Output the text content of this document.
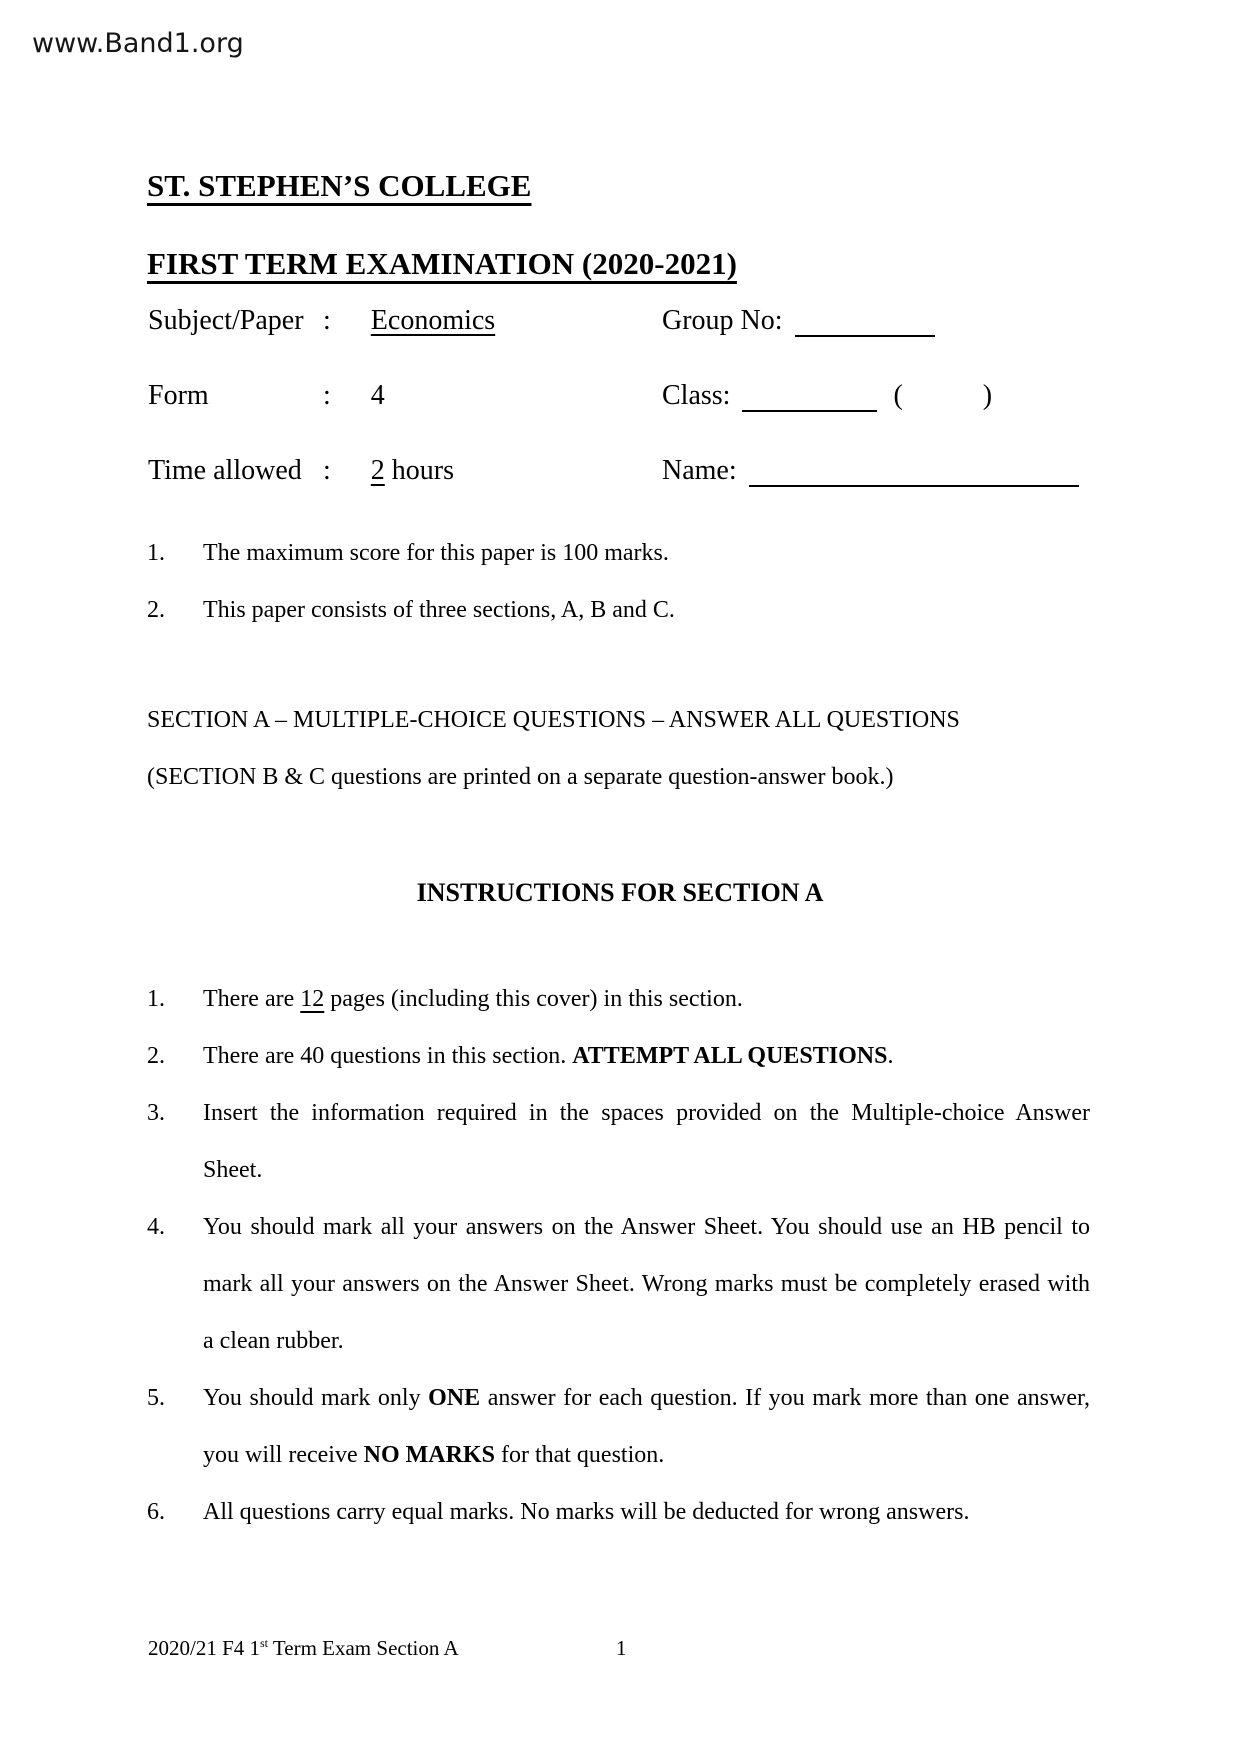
www.Band1.org
ST. STEPHEN’S COLLEGE
FIRST TERM EXAMINATION (2020-2021)
Subject/Paper : Economics	Group No:
Form	: 4	Class:	(	)
Time allowed : 2 hours	Name:
1. The maximum score for this paper is 100 marks.
2. This paper consists of three sections, A, B and C.
SECTION A – MULTIPLE-CHOICE QUESTIONS – ANSWER ALL QUESTIONS
(SECTION B & C questions are printed on a separate question-answer book.)
INSTRUCTIONS FOR SECTION A
1. There are 12 pages (including this cover) in this section.
2. There are 40 questions in this section. ATTEMPT ALL QUESTIONS.
3. Insert the information required in the spaces provided on the Multiple-choice Answer
Sheet.
4. You should mark all your answers on the Answer Sheet. You should use an HB pencil to
mark all your answers on the Answer Sheet. Wrong marks must be completely erased with
a clean rubber.
5. You should mark only ONE answer for each question. If you mark more than one answer,
you will receive NO MARKS for that question.
6. All questions carry equal marks. No marks will be deducted for wrong answers.
2020/21 F4 1st Term Exam Section A	1
